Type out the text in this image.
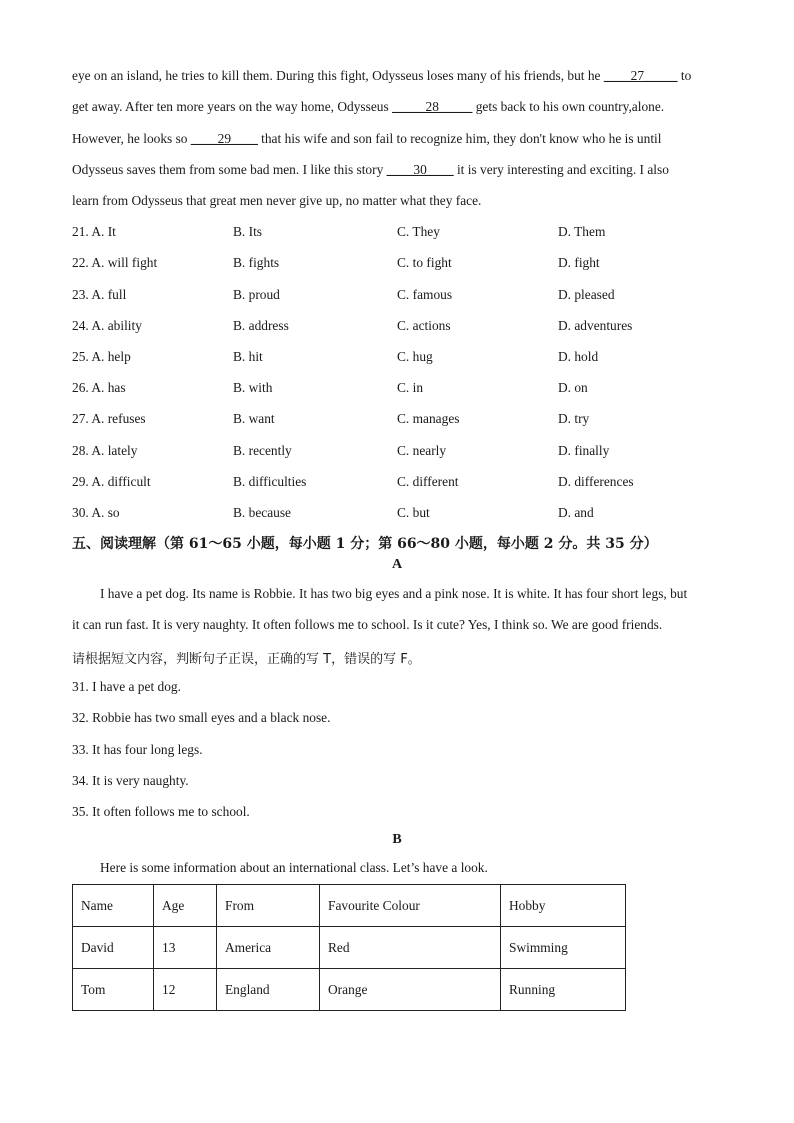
eye on an island, he tries to kill them. During this fight, Odysseus loses many of his friends, but he ____27_____ to
get away. After ten more years on the way home, Odysseus _____28_____ gets back to his own country,alone.
However, he looks so ____29____ that his wife and son fail to recognize him, they don't know who he is until
Odysseus saves them from some bad men. I like this story ____30____ it is very interesting and exciting. I also
learn from Odysseus that great men never give up, no matter what they face.
21. A. It	B. Its	C. They	D. Them
22. A. will fight	B. fights	C. to fight	D. fight
23. A. full	B. proud	C. famous	D. pleased
24. A. ability	B. address	C. actions	D. adventures
25. A. help	B. hit	C. hug	D. hold
26. A. has	B. with	C. in	D. on
27. A. refuses	B. want	C. manages	D. try
28. A. lately	B. recently	C. nearly	D. finally
29. A. difficult	B. difficulties	C. different	D. differences
30. A. so	B. because	C. but	D. and
五、阅读理解（第 61～65 小题，每小题 1 分；第 66～80 小题，每小题 2 分。共 35 分）
A
I have a pet dog. Its name is Robbie. It has two big eyes and a pink nose. It is white. It has four short legs, but
it can run fast. It is very naughty. It often follows me to school. Is it cute? Yes, I think so. We are good friends.
请根据短文内容，判断句子正误，正确的写 T，错误的写 F。
31. I have a pet dog.
32. Robbie has two small eyes and a black nose.
33. It has four long legs.
34. It is very naughty.
35. It often follows me to school.
B
Here is some information about an international class. Let’s have a look.
Name	Age	From	Favourite Colour	Hobby
David	13	America	Red	Swimming
Tom	12	England	Orange	Running
